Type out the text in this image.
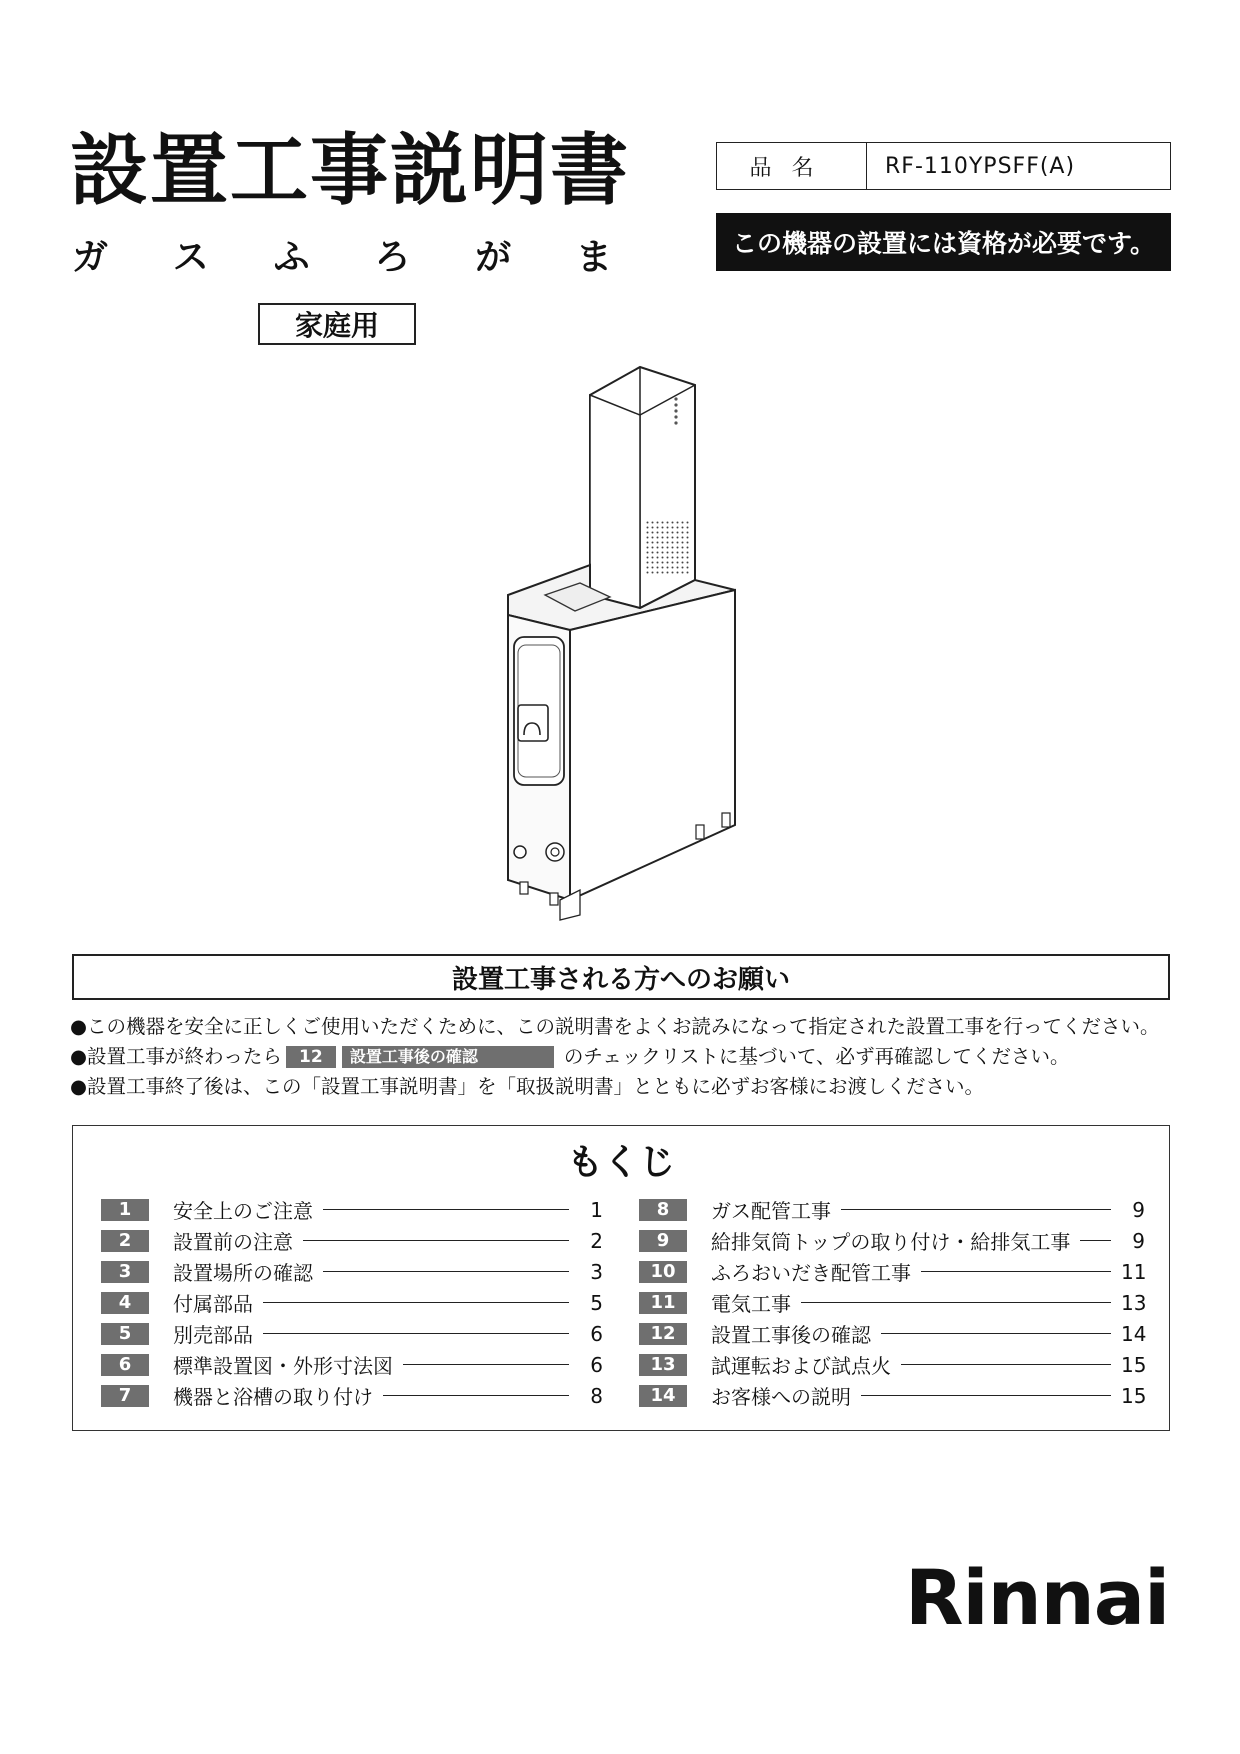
設置工事説明書
ガ ス ふ ろ が ま
家庭用
品名	RF-110YPSFF(A)
この機器の設置には資格が必要です。
設置工事される方へのお願い
●この機器を安全に正しくご使用いただくために、この説明書をよくお読みになって指定された設置工事を行ってください。
●設置工事が終わったら	12	設置工事後の確認	のチェックリストに基づいて、必ず再確認してください。
●設置工事終了後は、この「設置工事説明書」を「取扱説明書」とともに必ずお客様にお渡しください。
もくじ
1	安全上のご注意	1
2	設置前の注意	2
3	設置場所の確認	3
4	付属部品	5
5	別売部品	6
6	標準設置図・外形寸法図	6
7	機器と浴槽の取り付け	8
8	ガス配管工事	9
9	給排気筒トップの取り付け・給排気工事	9
10	ふろおいだき配管工事	11
11	電気工事	13
12	設置工事後の確認	14
13	試運転および試点火	15
14	お客様への説明	15
Rinnai
